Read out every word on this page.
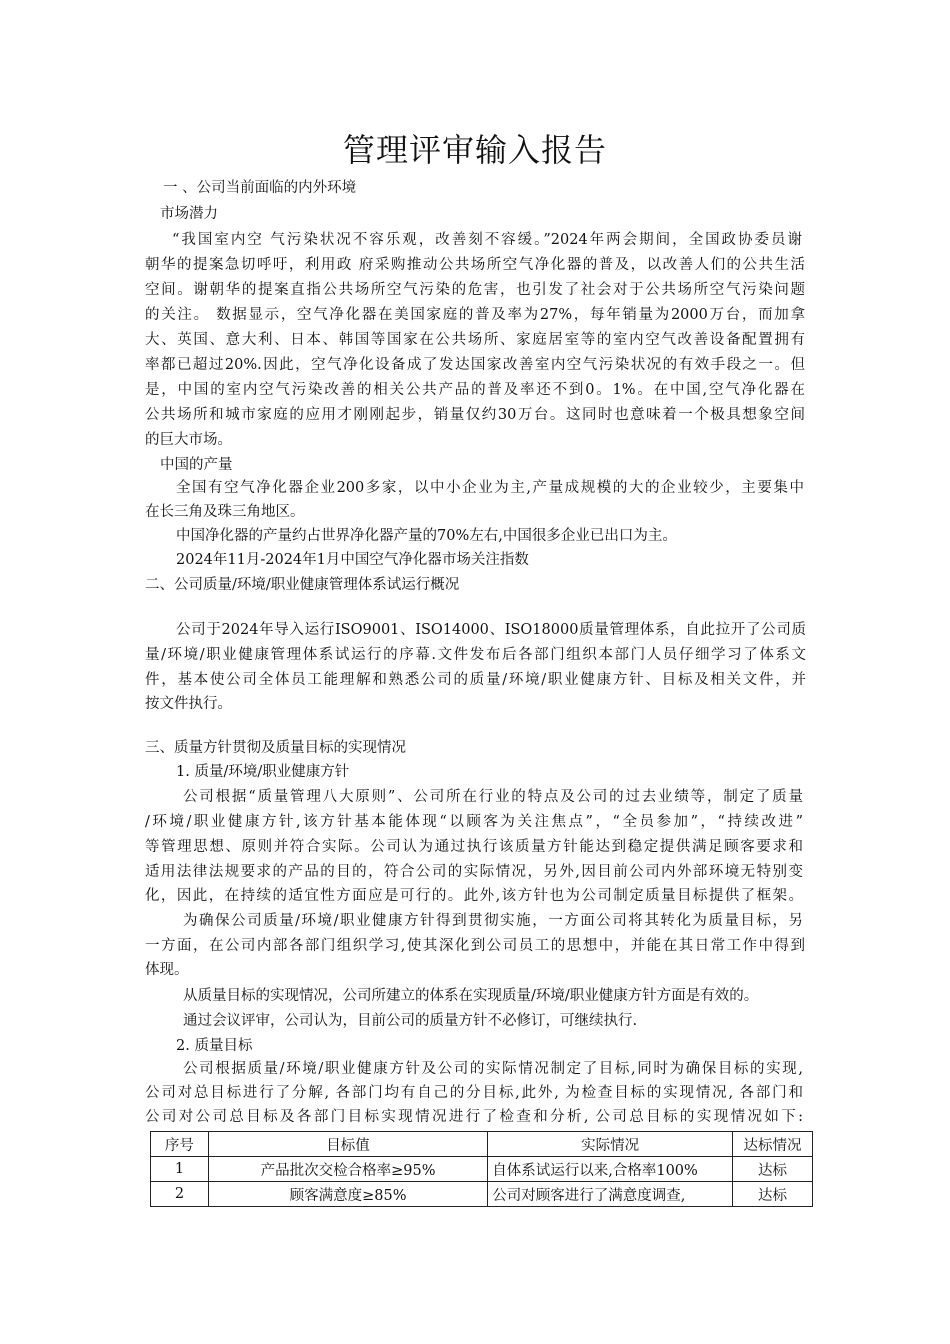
管理评审输入报告
一 、公司当前面临的内外环境
市场潜力
“我国室内空 气污染状况不容乐观，改善刻不容缓。”2024年两会期间，全国政协委员谢
朝华的提案急切呼吁，利用政 府采购推动公共场所空气净化器的普及，以改善人们的公共生活
空间。谢朝华的提案直指公共场所空气污染的危害，也引发了社会对于公共场所空气污染问题
的关注。 数据显示，空气净化器在美国家庭的普及率为27%，每年销量为2000万台，而加拿
大、英国、意大利、日本、韩国等国家在公共场所、家庭居室等的室内空气改善设备配置拥有
率都已超过20%.因此，空气净化设备成了发达国家改善室内空气污染状况的有效手段之一。但
是，中国的室内空气污染改善的相关公共产品的普及率还不到0。1%。在中国,空气净化器在
公共场所和城市家庭的应用才刚刚起步，销量仅约30万台。这同时也意味着一个极具想象空间
的巨大市场。
中国的产量
全国有空气净化器企业200多家，以中小企业为主,产量成规模的大的企业较少，主要集中
在长三角及珠三角地区。
中国净化器的产量约占世界净化器产量的70%左右,中国很多企业已出口为主。
2024年11月-2024年1月中国空气净化器市场关注指数
二、公司质量/环境/职业健康管理体系试运行概况
公司于2024年导入运行ISO9001、ISO14000、ISO18000质量管理体系，自此拉开了公司质
量/环境/职业健康管理体系试运行的序幕.文件发布后各部门组织本部门人员仔细学习了体系文
件，基本使公司全体员工能理解和熟悉公司的质量/环境/职业健康方针、目标及相关文件，并
按文件执行。
三、质量方针贯彻及质量目标的实现情况
1. 质量/环境/职业健康方针
公司根据“质量管理八大原则”、公司所在行业的特点及公司的过去业绩等，制定了质量
/环境/职业健康方针,该方针基本能体现“以顾客为关注焦点”，“全员参加”，“持续改进”
等管理思想、原则并符合实际。公司认为通过执行该质量方针能达到稳定提供满足顾客要求和
适用法律法规要求的产品的目的，符合公司的实际情况，另外,因目前公司内外部环境无特别变
化，因此，在持续的适宜性方面应是可行的。此外,该方针也为公司制定质量目标提供了框架。
为确保公司质量/环境/职业健康方针得到贯彻实施，一方面公司将其转化为质量目标，另
一方面，在公司内部各部门组织学习,使其深化到公司员工的思想中，并能在其日常工作中得到
体现。
从质量目标的实现情况，公司所建立的体系在实现质量/环境/职业健康方针方面是有效的。
通过会议评审，公司认为，目前公司的质量方针不必修订，可继续执行.
2. 质量目标
公司根据质量/环境/职业健康方针及公司的实际情况制定了目标,同时为确保目标的实现,
公司对总目标进行了分解, 各部门均有自己的分目标,此外, 为检查目标的实现情况, 各部门和
公司对公司总目标及各部门目标实现情况进行了检查和分析, 公司总目标的实现情况如下:
序号	目标值	实际情况	达标情况
1	产品批次交检合格率≥95%	自体系试运行以来,合格率100%	达标
2	顾客满意度≥85%	公司对顾客进行了满意度调查,	达标
